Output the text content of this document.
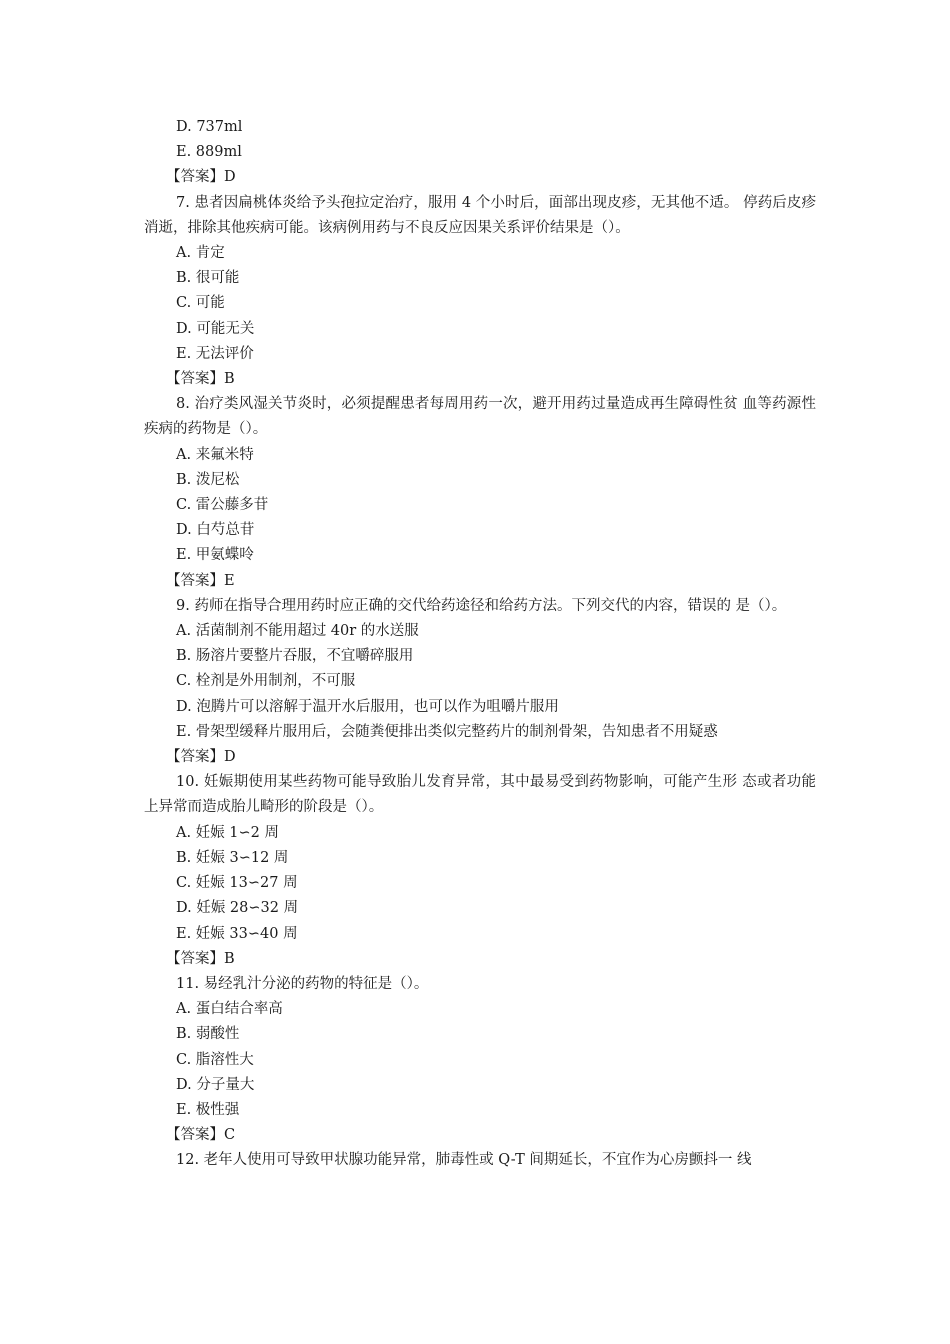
D. 737ml
E. 889ml
【答案】D
7. 患者因扁桃体炎给予头孢拉定治疗，服用 4 个小时后，面部出现皮疹，无其他不适。 停药后皮疹消逝，排除其他疾病可能。该病例用药与不良反应因果关系评价结果是（）。
A. 肯定
B. 很可能
C. 可能
D. 可能无关
E. 无法评价
【答案】B
8. 治疗类风湿关节炎时，必须提醒患者每周用药一次，避开用药过量造成再生障碍性贫 血等药源性疾病的药物是（）。
A. 来氟米特
B. 泼尼松
C. 雷公藤多苷
D. 白芍总苷
E. 甲氨蝶呤
【答案】E
9. 药师在指导合理用药时应正确的交代给药途径和给药方法。下列交代的内容，错误的 是（）。
A. 活菌制剂不能用超过 40r 的水送服
B. 肠溶片要整片吞服，不宜嚼碎服用
C. 栓剂是外用制剂，不可服
D. 泡腾片可以溶解于温开水后服用，也可以作为咀嚼片服用
E. 骨架型缓释片服用后，会随粪便排出类似完整药片的制剂骨架，告知患者不用疑惑
【答案】D
10. 妊娠期使用某些药物可能导致胎儿发育异常，其中最易受到药物影响，可能产生形 态或者功能上异常而造成胎儿畸形的阶段是（）。
A. 妊娠 1∽2 周
B. 妊娠 3∽12 周
C. 妊娠 13∽27 周
D. 妊娠 28∽32 周
E. 妊娠 33∽40 周
【答案】B
11. 易经乳汁分泌的药物的特征是（）。
A. 蛋白结合率高
B. 弱酸性
C. 脂溶性大
D. 分子量大
E. 极性强
【答案】C
12. 老年人使用可导致甲状腺功能异常，肺毒性或 Q-T 间期延长，不宜作为心房颤抖一 线
